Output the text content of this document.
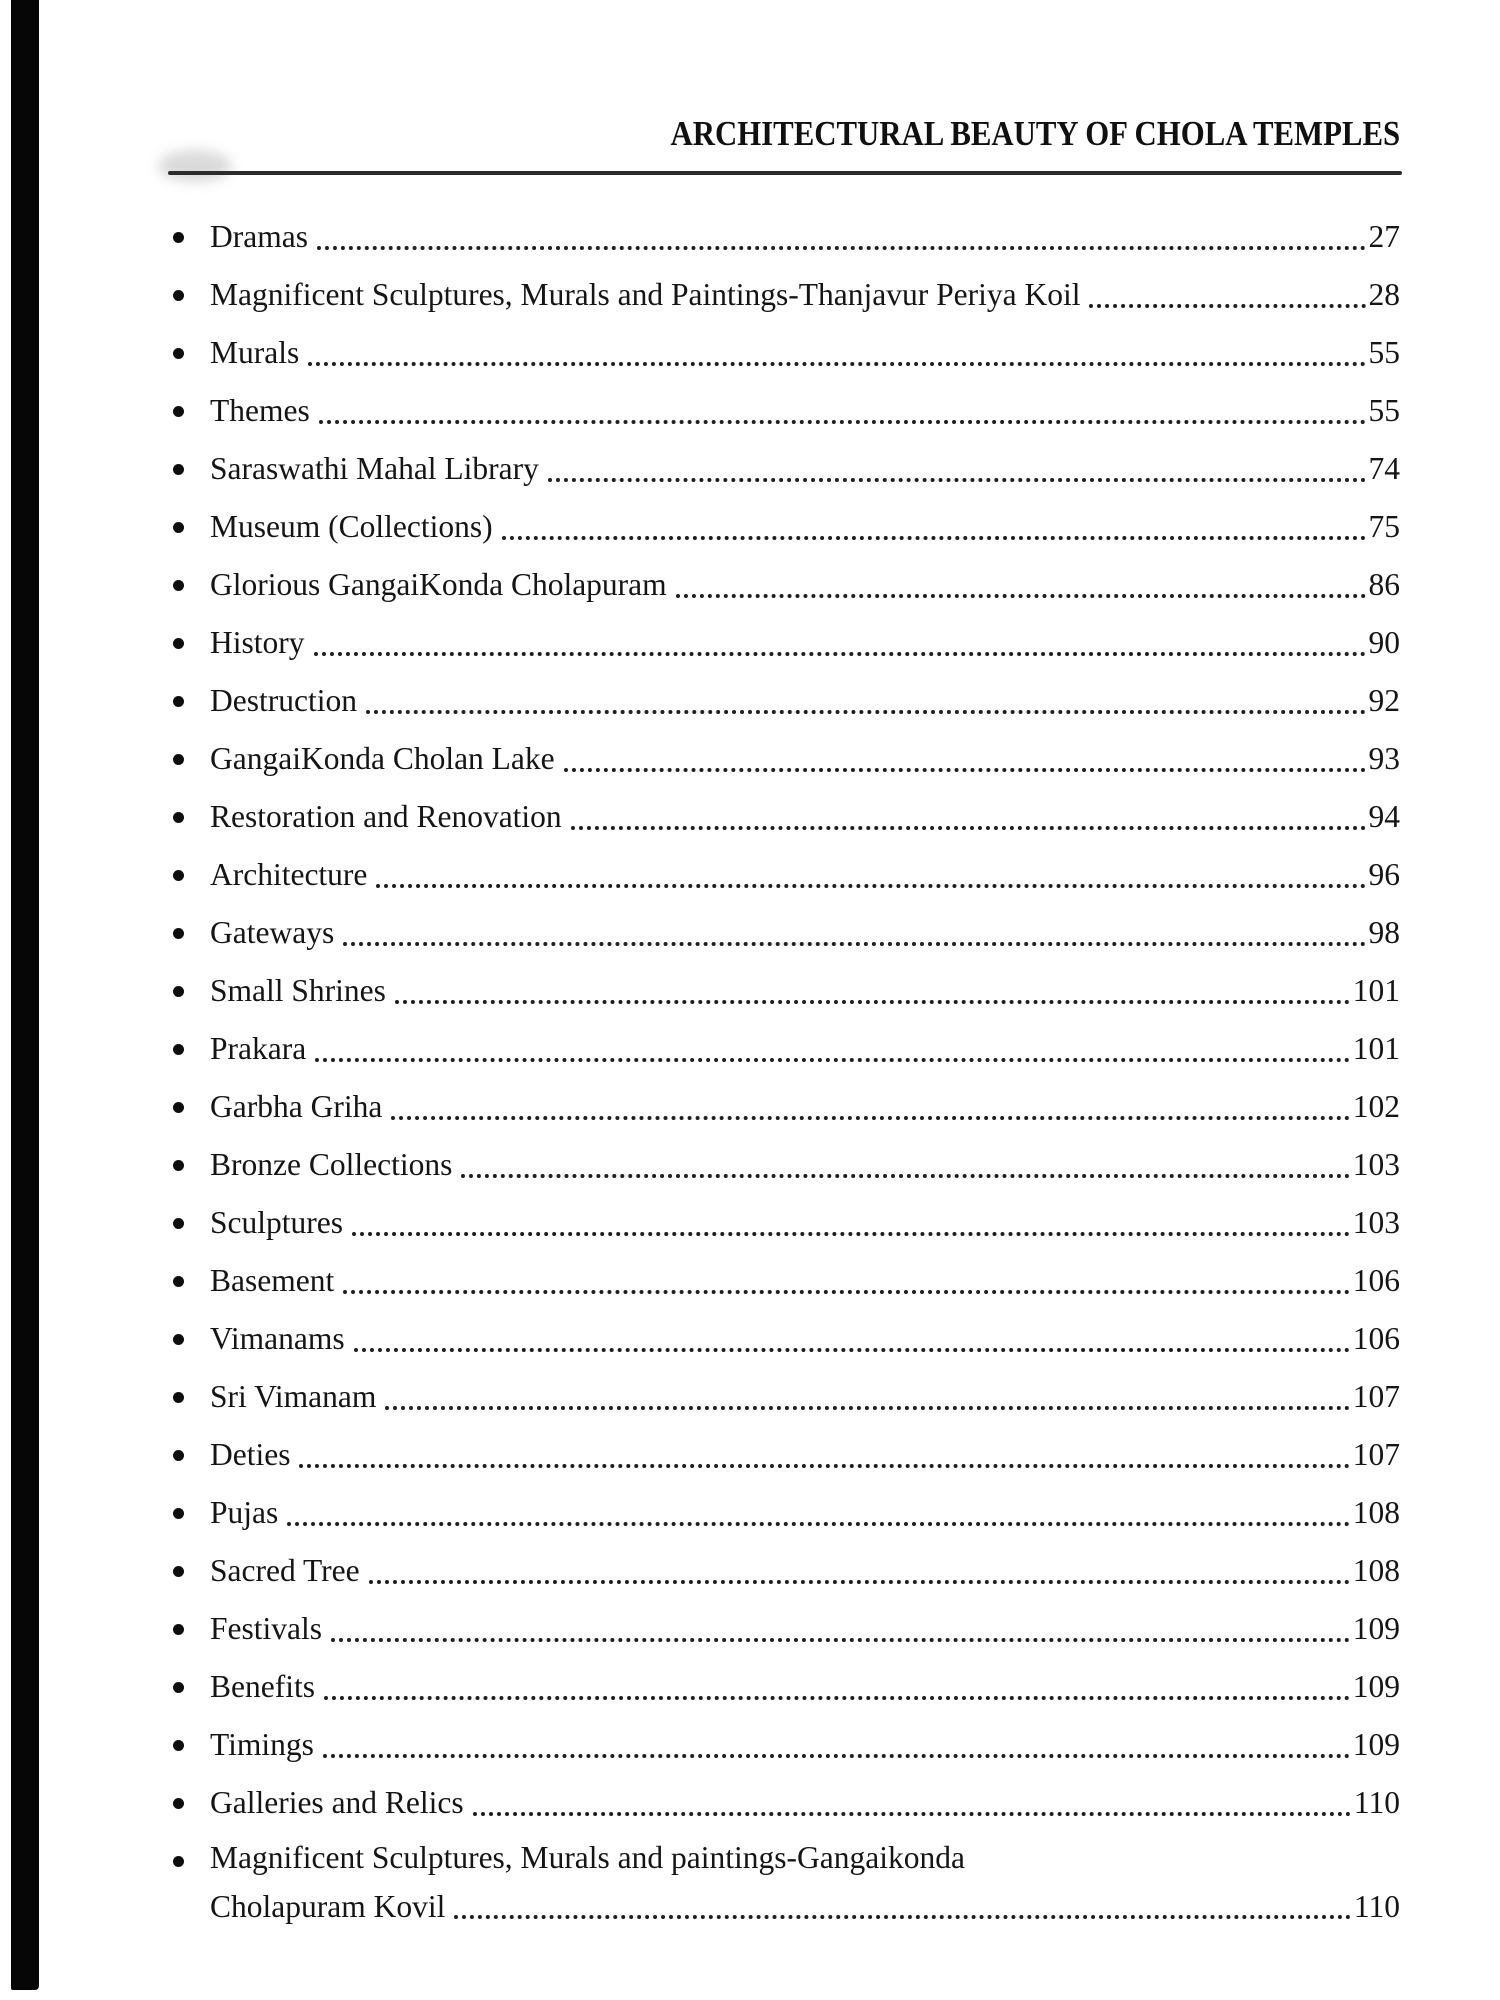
ARCHITECTURAL BEAUTY OF CHOLA TEMPLES
Dramas	27
Magnificent Sculptures, Murals and Paintings-Thanjavur Periya Koil	28
Murals	55
Themes	55
Saraswathi Mahal Library	74
Museum (Collections)	75
Glorious GangaiKonda Cholapuram	86
History	90
Destruction	92
GangaiKonda Cholan Lake	93
Restoration and Renovation	94
Architecture	96
Gateways	98
Small Shrines	101
Prakara	101
Garbha Griha	102
Bronze Collections	103
Sculptures	103
Basement	106
Vimanams	106
Sri Vimanam	107
Deties	107
Pujas	108
Sacred Tree	108
Festivals	109
Benefits	109
Timings	109
Galleries and Relics	110
Magnificent Sculptures, Murals and paintings-Gangaikonda
Cholapuram Kovil	110
